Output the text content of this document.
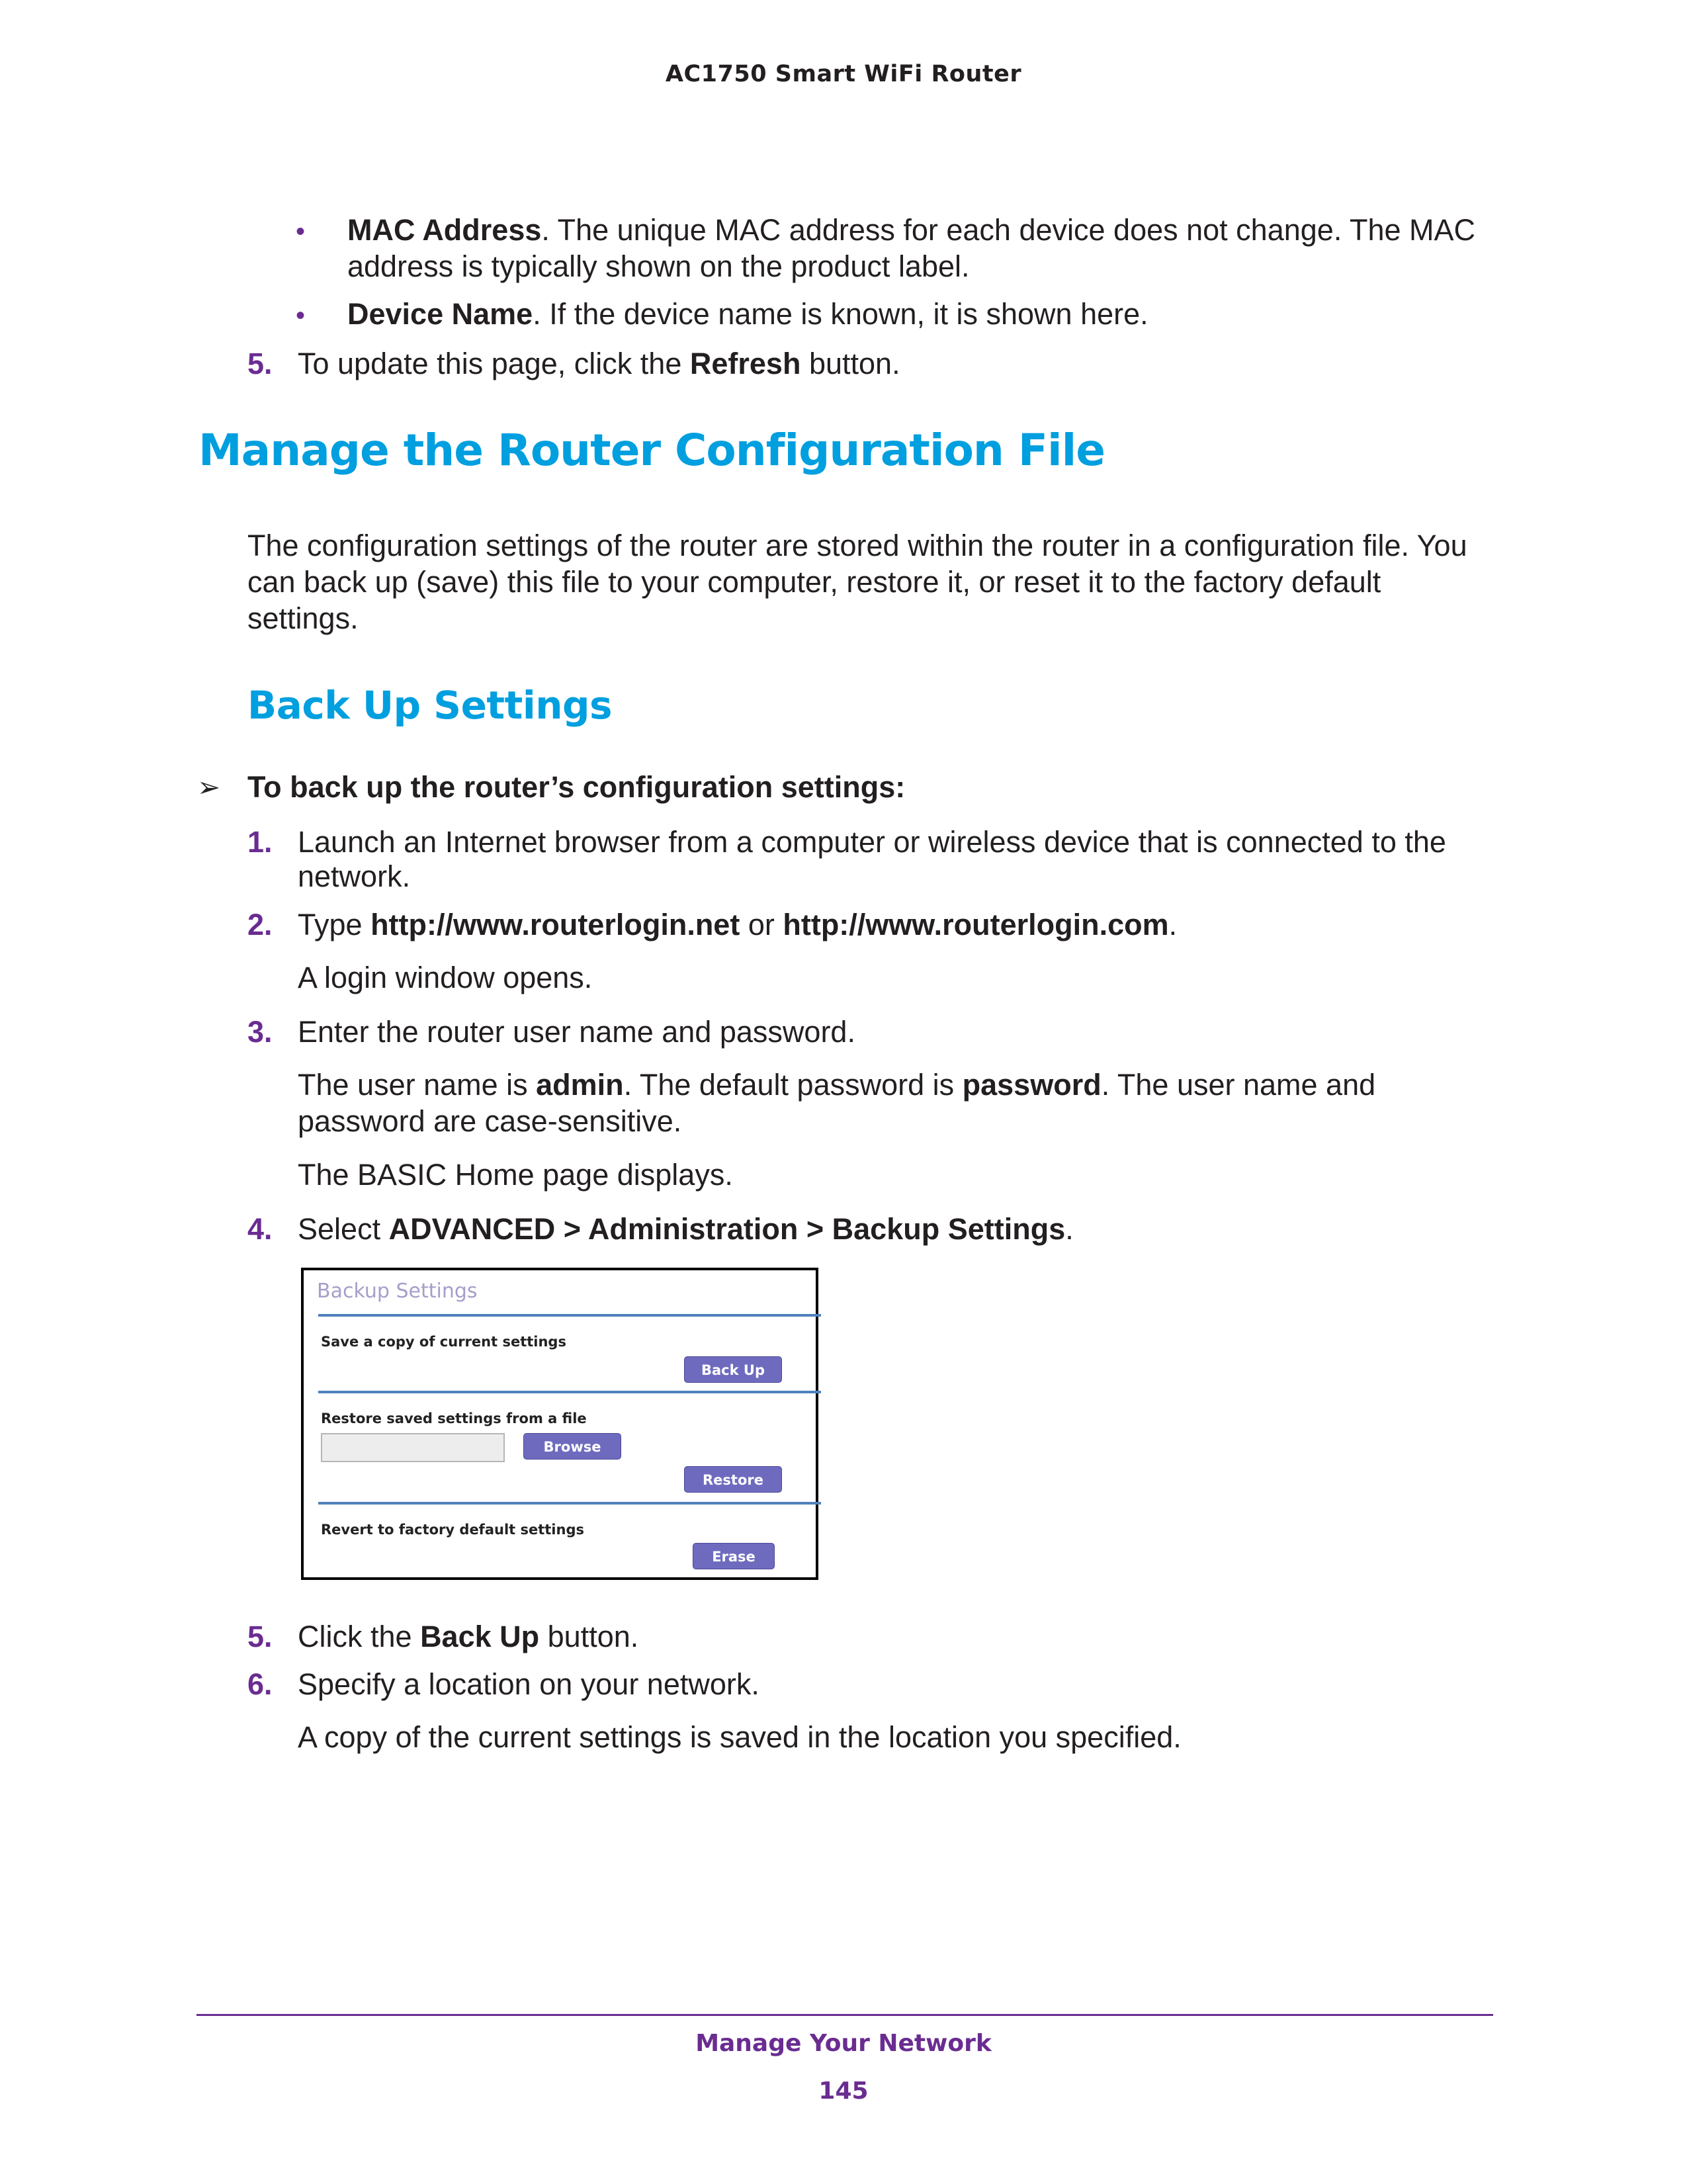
AC1750 Smart WiFi Router
• MAC Address. The unique MAC address for each device does not change. The MAC
address is typically shown on the product label.
• Device Name. If the device name is known, it is shown here.
5. To update this page, click the Refresh button.
Manage the Router Configuration File
The configuration settings of the router are stored within the router in a configuration file. You
can back up (save) this file to your computer, restore it, or reset it to the factory default
settings.
Back Up Settings
➢ To back up the router’s configuration settings:
1. Launch an Internet browser from a computer or wireless device that is connected to the
network.
2. Type http://www.routerlogin.net or http://www.routerlogin.com.
A login window opens.
3. Enter the router user name and password.
The user name is admin. The default password is password. The user name and
password are case-sensitive.
The BASIC Home page displays.
4. Select ADVANCED > Administration > Backup Settings.
Backup Settings
Save a copy of current settings
Back Up
Restore saved settings from a file
Browse
Restore
Revert to factory default settings
Erase
5. Click the Back Up button.
6. Specify a location on your network.
A copy of the current settings is saved in the location you specified.
Manage Your Network
145
